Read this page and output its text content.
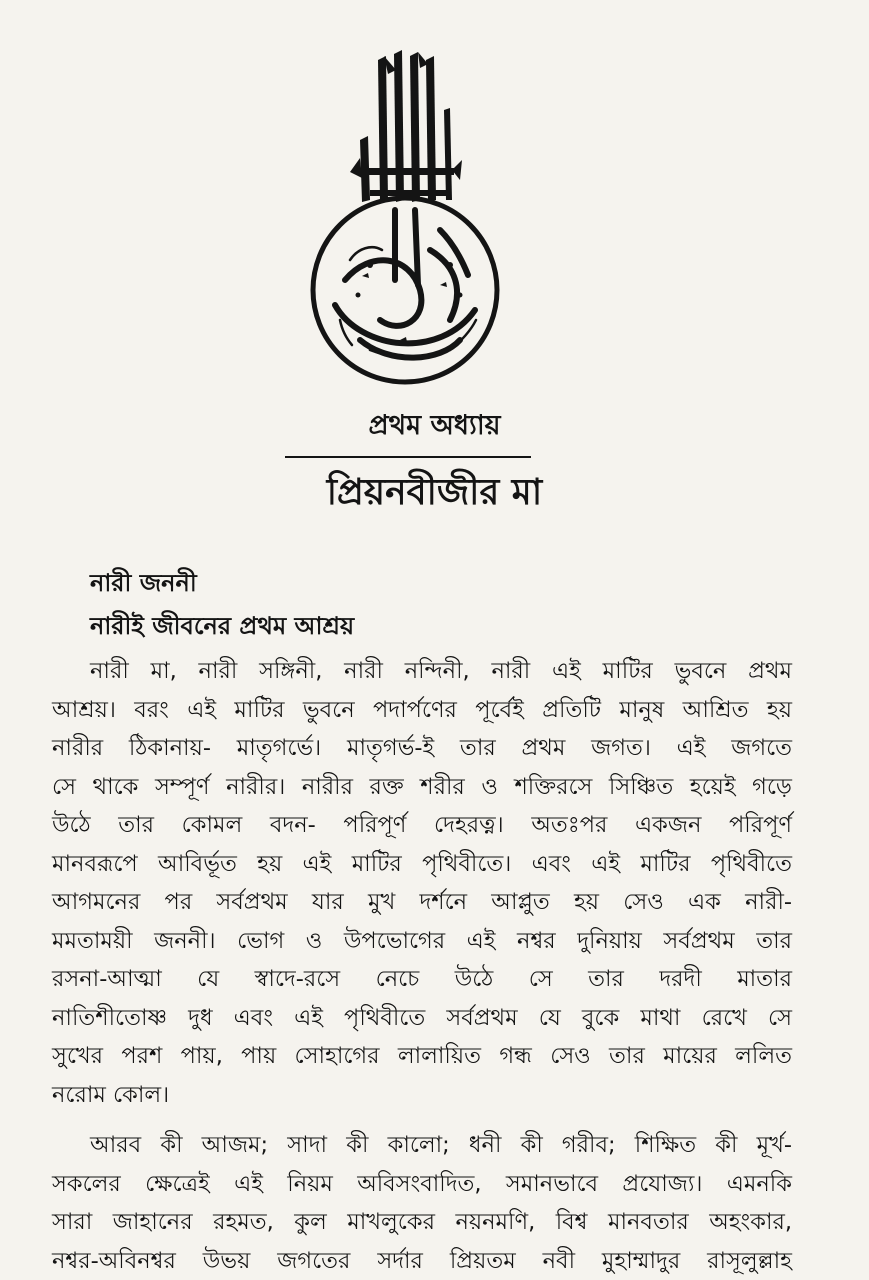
প্রথম অধ্যায়
প্রিয়নবীজীর মা
নারী জননী
নারীই জীবনের প্রথম আশ্রয়
নারী মা, নারী সঙ্গিনী, নারী নন্দিনী, নারী এই মাটির ভুবনে প্রথম
আশ্রয়। বরং এই মাটির ভুবনে পদার্পণের পূর্বেই প্রতিটি মানুষ আশ্রিত হয়
নারীর ঠিকানায়- মাতৃগর্ভে। মাতৃগর্ভ-ই তার প্রথম জগত। এই জগতে
সে থাকে সম্পূর্ণ নারীর। নারীর রক্ত শরীর ও শক্তিরসে সিঞ্চিত হয়েই গড়ে
উঠে তার কোমল বদন- পরিপূর্ণ দেহরত্ন। অতঃপর একজন পরিপূর্ণ
মানবরূপে আবির্ভূত হয় এই মাটির পৃথিবীতে। এবং এই মাটির পৃথিবীতে
আগমনের পর সর্বপ্রথম যার মুখ দর্শনে আপ্লুত হয় সেও এক নারী-
মমতাময়ী জননী। ভোগ ও উপভোগের এই নশ্বর দুনিয়ায় সর্বপ্রথম তার
রসনা-আত্মা যে স্বাদে-রসে নেচে উঠে সে তার দরদী মাতার
নাতিশীতোষ্ণ দুধ এবং এই পৃথিবীতে সর্বপ্রথম যে বুকে মাথা রেখে সে
সুখের পরশ পায়, পায় সোহাগের লালায়িত গন্ধ সেও তার মায়ের ললিত
নরোম কোল।
আরব কী আজম; সাদা কী কালো; ধনী কী গরীব; শিক্ষিত কী মূর্খ-
সকলের ক্ষেত্রেই এই নিয়ম অবিসংবাদিত, সমানভাবে প্রযোজ্য। এমনকি
সারা জাহানের রহমত, কুল মাখলুকের নয়নমণি, বিশ্ব মানবতার অহংকার,
নশ্বর-অবিনশ্বর উভয় জগতের সর্দার প্রিয়তম নবী মুহাম্মাদুর রাসূলুল্লাহ
